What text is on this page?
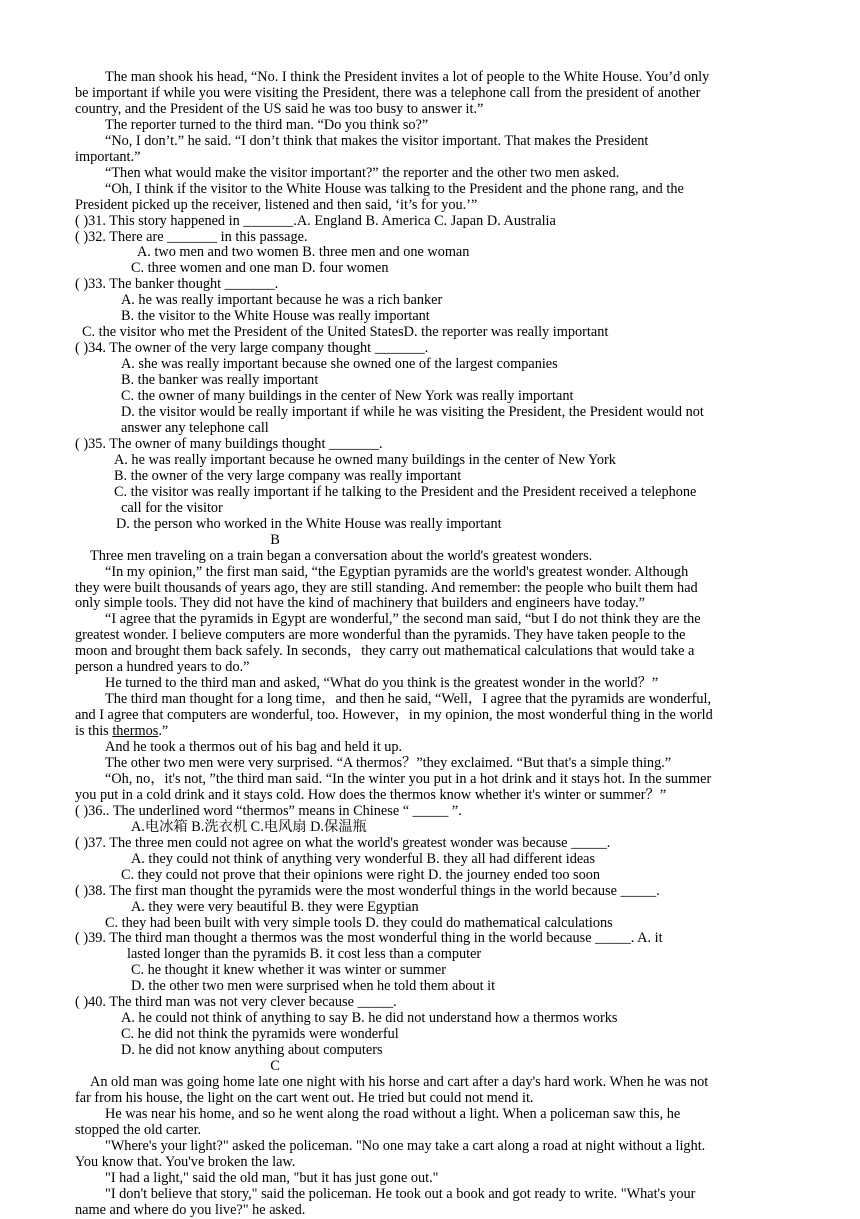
The man shook his head, “No. I think the President invites a lot of people to the White House. You’d only
be important if while you were visiting the President, there was a telephone call from the president of another
country, and the President of the US said he was too busy to answer it.”
The reporter turned to the third man. “Do you think so?”
“No, I don’t.” he said. “I don’t think that makes the visitor important. That makes the President
important.”
“Then what would make the visitor important?” the reporter and the other two men asked.
“Oh, I think if the visitor to the White House was talking to the President and the phone rang, and the
President picked up the receiver, listened and then said, ‘it’s for you.’”
( )31. This story happened in _______.A. England B. America C. Japan D. Australia
( )32. There are _______ in this passage.
A. two men and two women B. three men and one woman
C. three women and one man D. four women
( )33. The banker thought _______.
A. he was really important because he was a rich banker
B. the visitor to the White House was really important
C. the visitor who met the President of the United StatesD. the reporter was really important
( )34. The owner of the very large company thought _______.
A. she was really important because she owned one of the largest companies
B. the banker was really important
C. the owner of many buildings in the center of New York was really important
D. the visitor would be really important if while he was visiting the President, the President would not
answer any telephone call
( )35. The owner of many buildings thought _______.
A. he was really important because he owned many buildings in the center of New York
B. the owner of the very large company was really important
C. the visitor was really important if he talking to the President and the President received a telephone
call for the visitor
D. the person who worked in the White House was really important
B
Three men traveling on a train began a conversation about the world's greatest wonders.
“In my opinion,” the first man said, “the Egyptian pyramids are the world's greatest wonder. Although
they were built thousands of years ago, they are still standing. And remember: the people who built them had
only simple tools. They did not have the kind of machinery that builders and engineers have today.”
“I agree that the pyramids in Egypt are wonderful,” the second man said, “but I do not think they are the
greatest wonder. I believe computers are more wonderful than the pyramids. They have taken people to the
moon and brought them back safely. In seconds，they carry out mathematical calculations that would take a
person a hundred years to do.”
He turned to the third man and asked, “What do you think is the greatest wonder in the world？”
The third man thought for a long time，and then he said, “Well，I agree that the pyramids are wonderful,
and I agree that computers are wonderful, too. However，in my opinion, the most wonderful thing in the world
is this thermos.”
And he took a thermos out of his bag and held it up.
The other two men were very surprised. “A thermos？”they exclaimed. “But that's a simple thing.”
“Oh, no，it's not, ”the third man said. “In the winter you put in a hot drink and it stays hot. In the summer
you put in a cold drink and it stays cold. How does the thermos know whether it's winter or summer？”
( )36.. The underlined word “thermos” means in Chinese “ _____ ”.
A.电冰箱 B.洗衣机 C.电风扇 D.保温瓶
( )37. The three men could not agree on what the world's greatest wonder was because _____.
A. they could not think of anything very wonderful B. they all had different ideas
C. they could not prove that their opinions were right D. the journey ended too soon
( )38. The first man thought the pyramids were the most wonderful things in the world because _____.
A. they were very beautiful B. they were Egyptian
C. they had been built with very simple tools D. they could do mathematical calculations
( )39. The third man thought a thermos was the most wonderful thing in the world because _____. A. it
lasted longer than the pyramids B. it cost less than a computer
C. he thought it knew whether it was winter or summer
D. the other two men were surprised when he told them about it
( )40. The third man was not very clever because _____.
A. he could not think of anything to say B. he did not understand how a thermos works
C. he did not think the pyramids were wonderful
D. he did not know anything about computers
C
An old man was going home late one night with his horse and cart after a day's hard work. When he was not
far from his house, the light on the cart went out. He tried but could not mend it.
He was near his home, and so he went along the road without a light. When a policeman saw this, he
stopped the old carter.
"Where's your light?" asked the policeman. "No one may take a cart along a road at night without a light.
You know that. You've broken the law.
"I had a light," said the old man, "but it has just gone out."
"I don't believe that story," said the policeman. He took out a book and got ready to write. "What's your
name and where do you live?" he asked.
